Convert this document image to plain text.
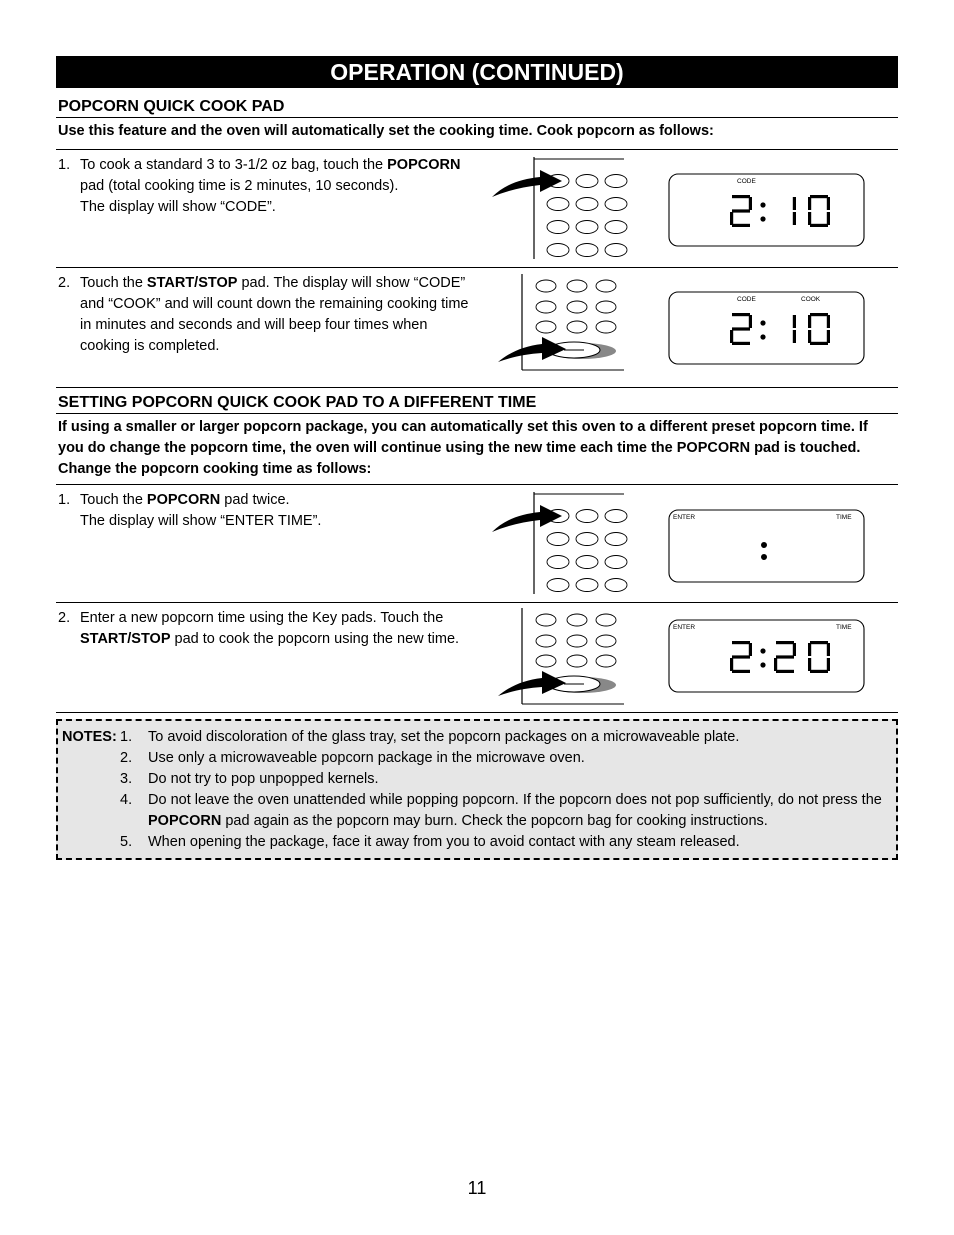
OPERATION (CONTINUED)
POPCORN QUICK COOK PAD
Use this feature and the oven will automatically set the cooking time. Cook popcorn as follows:
1. To cook a standard 3 to 3-1/2 oz bag, touch the POPCORN pad (total cooking time is 2 minutes, 10 seconds).
The display will show “CODE”.
CODE
2. Touch the START/STOP pad. The display will show “CODE” and “COOK” and will count down the remaining cooking time in minutes and seconds and will beep four times when cooking is completed.
CODE	COOK
SETTING POPCORN QUICK COOK PAD TO A DIFFERENT TIME
If using a smaller or larger popcorn package, you can automatically set this oven to a different preset popcorn time. If you do change the popcorn time, the oven will continue using the new time each time the POPCORN pad is touched. Change the popcorn cooking time as follows:
1. Touch the POPCORN pad twice.
The display will show “ENTER TIME”.	ENTER	TIME
2. Enter a new popcorn time using the Key pads. Touch the START/STOP pad to cook the popcorn using the new time.
ENTER	TIME
NOTES: 1. To avoid discoloration of the glass tray, set the popcorn packages on a microwaveable plate.
2. Use only a microwaveable popcorn package in the microwave oven.
3. Do not try to pop unpopped kernels.
4. Do not leave the oven unattended while popping popcorn. If the popcorn does not pop sufficiently, do not press the POPCORN pad again as the popcorn may burn. Check the popcorn bag for cooking instructions.
5. When opening the package, face it away from you to avoid contact with any steam released.
11
